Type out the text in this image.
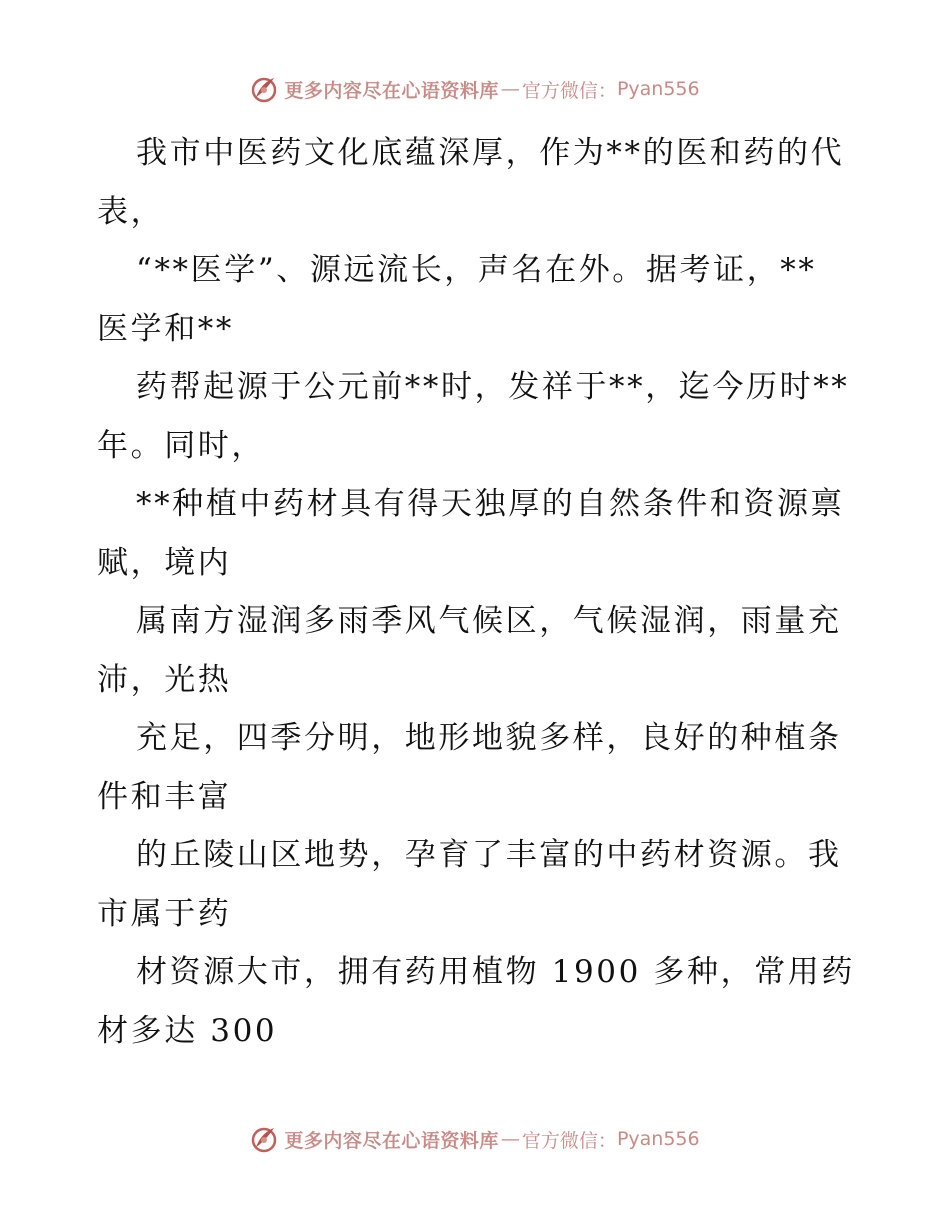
更多内容尽在心语资料库 — 官方微信： Pyan556
我市中医药文化底蕴深厚，作为**的医和药的代
表，
“**医学”、源远流长，声名在外。据考证，**
医学和**
药帮起源于公元前**时，发祥于**，迄今历时**
年。同时，
**种植中药材具有得天独厚的自然条件和资源禀
赋，境内
属南方湿润多雨季风气候区，气候湿润，雨量充
沛，光热
充足，四季分明，地形地貌多样，良好的种植条
件和丰富
的丘陵山区地势，孕育了丰富的中药材资源。我
市属于药
材资源大市，拥有药用植物 1900 多种，常用药
材多达 300
更多内容尽在心语资料库 — 官方微信： Pyan556
